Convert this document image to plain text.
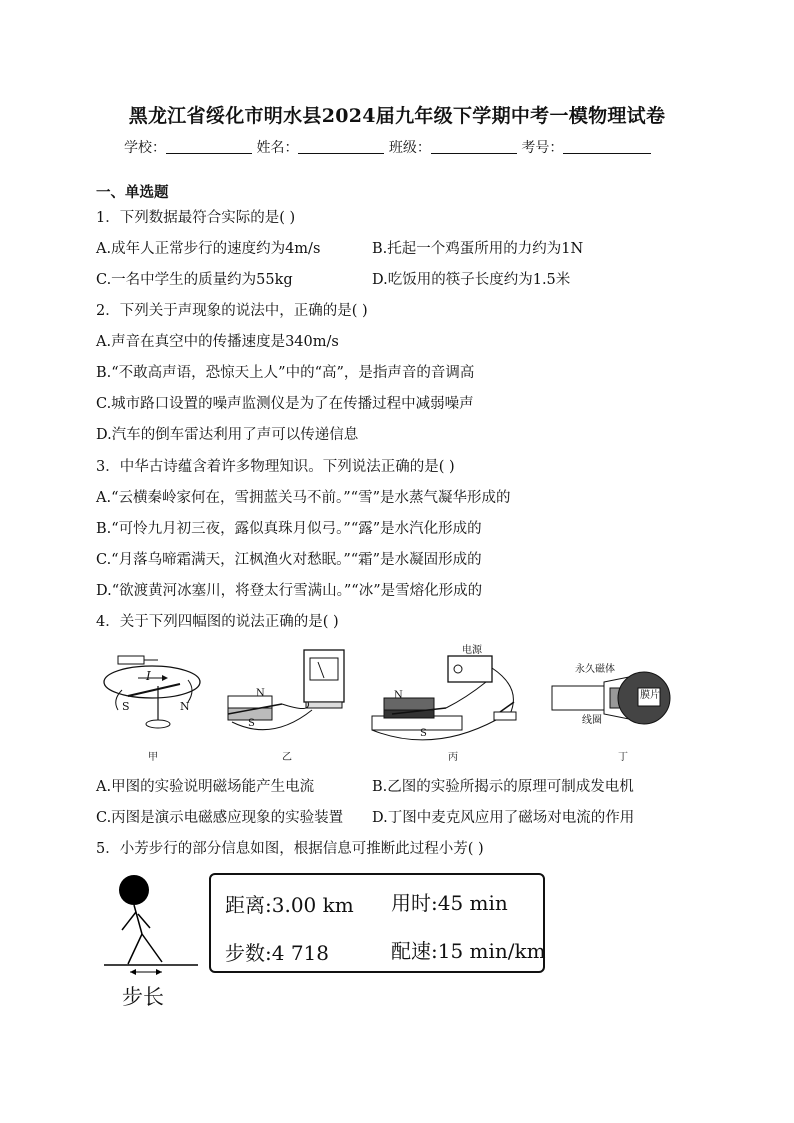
黑龙江省绥化市明水县2024届九年级下学期中考一模物理试卷
学校：	姓名：	班级：	考号：
一、单选题
1．下列数据最符合实际的是( )
A.成年人正常步行的速度约为4m/s	B.托起一个鸡蛋所用的力约为1N
C.一名中学生的质量约为55kg	D.吃饭用的筷子长度约为1.5米
2．下列关于声现象的说法中，正确的是( )
A.声音在真空中的传播速度是340m/s
B.“不敢高声语，恐惊天上人”中的“高”，是指声音的音调高
C.城市路口设置的噪声监测仪是为了在传播过程中减弱噪声
D.汽车的倒车雷达利用了声可以传递信息
3．中华古诗蕴含着许多物理知识。下列说法正确的是( )
A.“云横秦岭家何在，雪拥蓝关马不前。”“雪”是水蒸气凝华形成的
B.“可怜九月初三夜，露似真珠月似弓。”“露”是水汽化形成的
C.“月落乌啼霜满天，江枫渔火对愁眠。”“霜”是水凝固形成的
D.“欲渡黄河冰塞川，将登太行雪满山。”“冰”是雪熔化形成的
4．关于下列四幅图的说法正确的是( )
I
S	N
甲
N
S
乙
电源
N
S
丙
永久磁体
膜片
线圈
丁
A.甲图的实验说明磁场能产生电流	B.乙图的实验所揭示的原理可制成发电机
C.丙图是演示电磁感应现象的实验装置 D.丁图中麦克风应用了磁场对电流的作用
5．小芳步行的部分信息如图，根据信息可推断此过程小芳( )
步长
距离:3.00 km 用时:45 min
步数:4 718	配速:15 min/km
